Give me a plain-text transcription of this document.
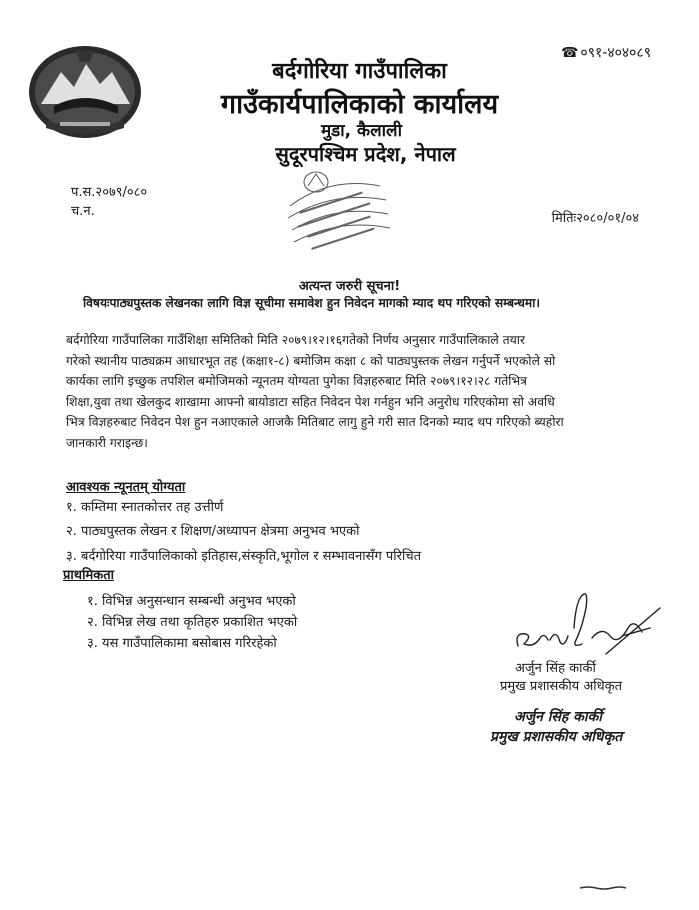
बर्दगोरिया गाउँपालिका
गाउँकार्यपालिकाको कार्यालय
मुडा, कैलाली
सुदूरपश्चिम प्रदेश, नेपाल
☎ ०९१-४०४०८९
प.स.२०७९/०८०
च.न.	मितिः२०८०/०१/०४
अत्यन्त जरुरी सूचना!
विषयःपाठ्यपुस्तक लेखनका लागि विज्ञ सूचीमा समावेश हुन निवेदन मागको म्याद थप गरिएको सम्बन्धमा।
बर्दगोरिया गाउँपालिका गाउँशिक्षा समितिको मिति २०७९।१२।१६गतेको निर्णय अनुसार गाउँपालिकाले तयार
गरेको स्थानीय पाठ्यक्रम आधारभूत तह (कक्षा१-८) बमोजिम कक्षा ८ को पाठ्यपुस्तक लेखन गर्नुपर्ने भएकोले सो
कार्यका लागि इच्छुक तपशिल बमोजिमको न्यूनतम योग्यता पुगेका विज्ञहरुबाट मिति २०७९।१२।२८ गतेभित्र
शिक्षा,युवा तथा खेलकुद शाखामा आफ्नो बायोडाटा सहित निवेदन पेश गर्नहुन भनि अनुरोध गरिएकोमा सो अवधि
भित्र विज्ञहरुबाट निवेदन पेश हुन नआएकाले आजकै मितिबाट लागु हुने गरी सात दिनको म्याद थप गरिएको ब्यहोरा
जानकारी गराइन्छ।
आवश्यक न्यूनतम् योग्यता
१. कम्तिमा स्नातकोत्तर तह उत्तीर्ण
२. पाठ्यपुस्तक लेखन र शिक्षण/अध्यापन क्षेत्रमा अनुभव भएको
३. बर्दगोरिया गाउँपालिकाको इतिहास,संस्कृति,भूगोल र सम्भावनासँग परिचित
प्राथमिकता
१. विभिन्न अनुसन्धान सम्बन्धी अनुभव भएको
२. विभिन्न लेख तथा कृतिहरु प्रकाशित भएको
३. यस गाउँपालिकामा बसोबास गरिरहेको
अर्जुन सिंह कार्की
प्रमुख प्रशासकीय अधिकृत
अर्जुन सिंह कार्की
प्रमुख प्रशासकीय अधिकृत
